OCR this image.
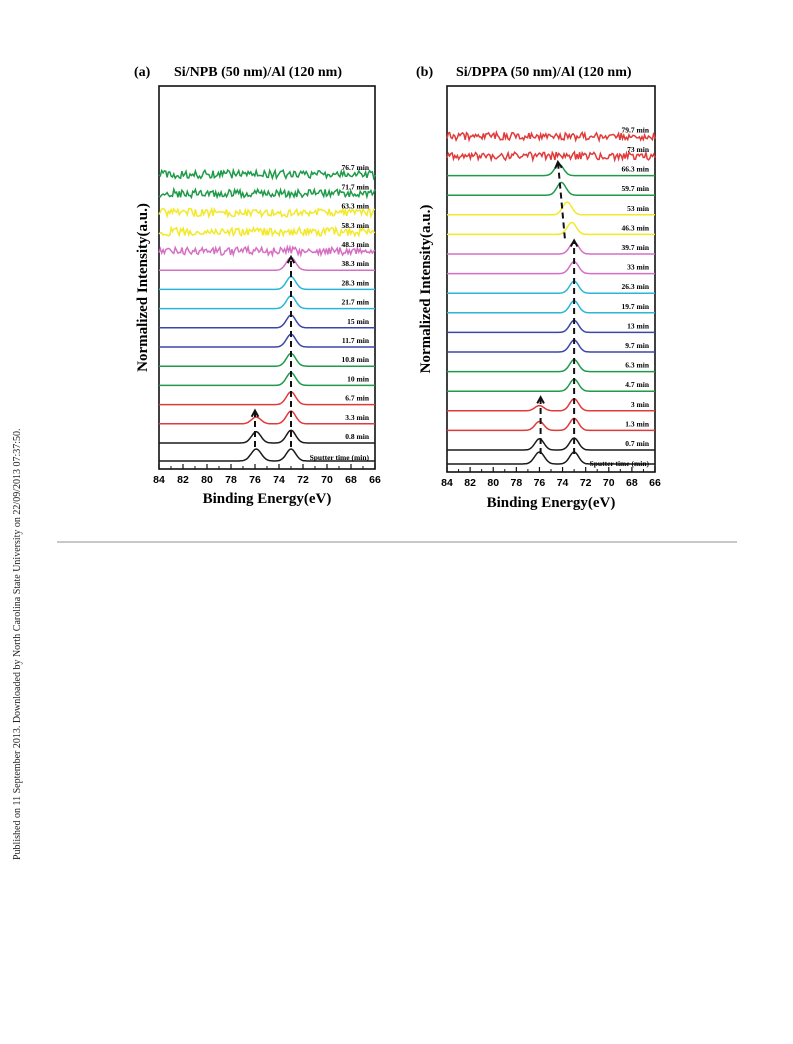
Published on 11 September 2013. Downloaded by North Carolina State University on 22/09/2013 07:37:50.
(a) Si/NPB (50 nm)/Al (120 nm)
0.8 min
3.3 min
6.7 min
10 min
10.8 min
11.7 min
15 min
21.7 min
28.3 min
38.3 min
48.3 min
58.3 min
63.3 min
71.7 min
76.7 min
Sputter time (min)
84 82 80 78 76 74 72 70 68 66
Binding Energy(eV)
Normalized Intensity(a.u.)
(b) Si/DPPA (50 nm)/Al (120 nm)
0.7 min
1.3 min
3 min
4.7 min
6.3 min
9.7 min
13 min
19.7 min
26.3 min
33 min
39.7 min
46.3 min
53 min
59.7 min
66.3 min
73 min
79.7 min
Sputter time (min)
84 82 80 78 76 74 72 70 68 66
Binding Energy(eV)
Normalized Intensity(a.u.)
